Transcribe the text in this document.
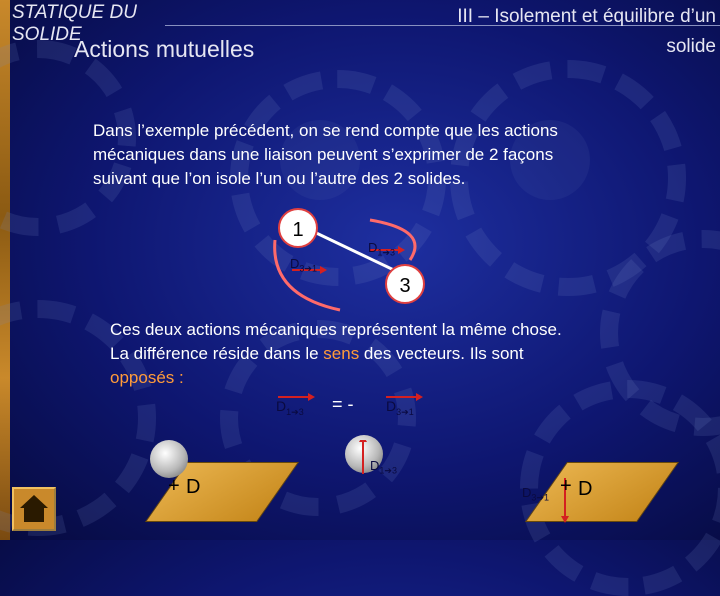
STATIQUE DU
SOLIDE
Actions mutuelles
III – Isolement et équilibre d’un
solide
Dans l’exemple précédent, on se rend compte que les actions
mécaniques dans une liaison peuvent s’exprimer de 2 façons
suivant que l’on isole l’un ou l’autre des 2 solides.
1
3
$D_{3➔1}$
$D_{1➔3}$
Ces deux actions mécaniques représentent la même chose.
La différence réside dans le sens des vecteurs. Ils sont
opposés :
$D_{1➔3}$ = - $D_{3➔1}$
+ D
$D_{1➔3}$
+ D
$D_{3➔1}$
